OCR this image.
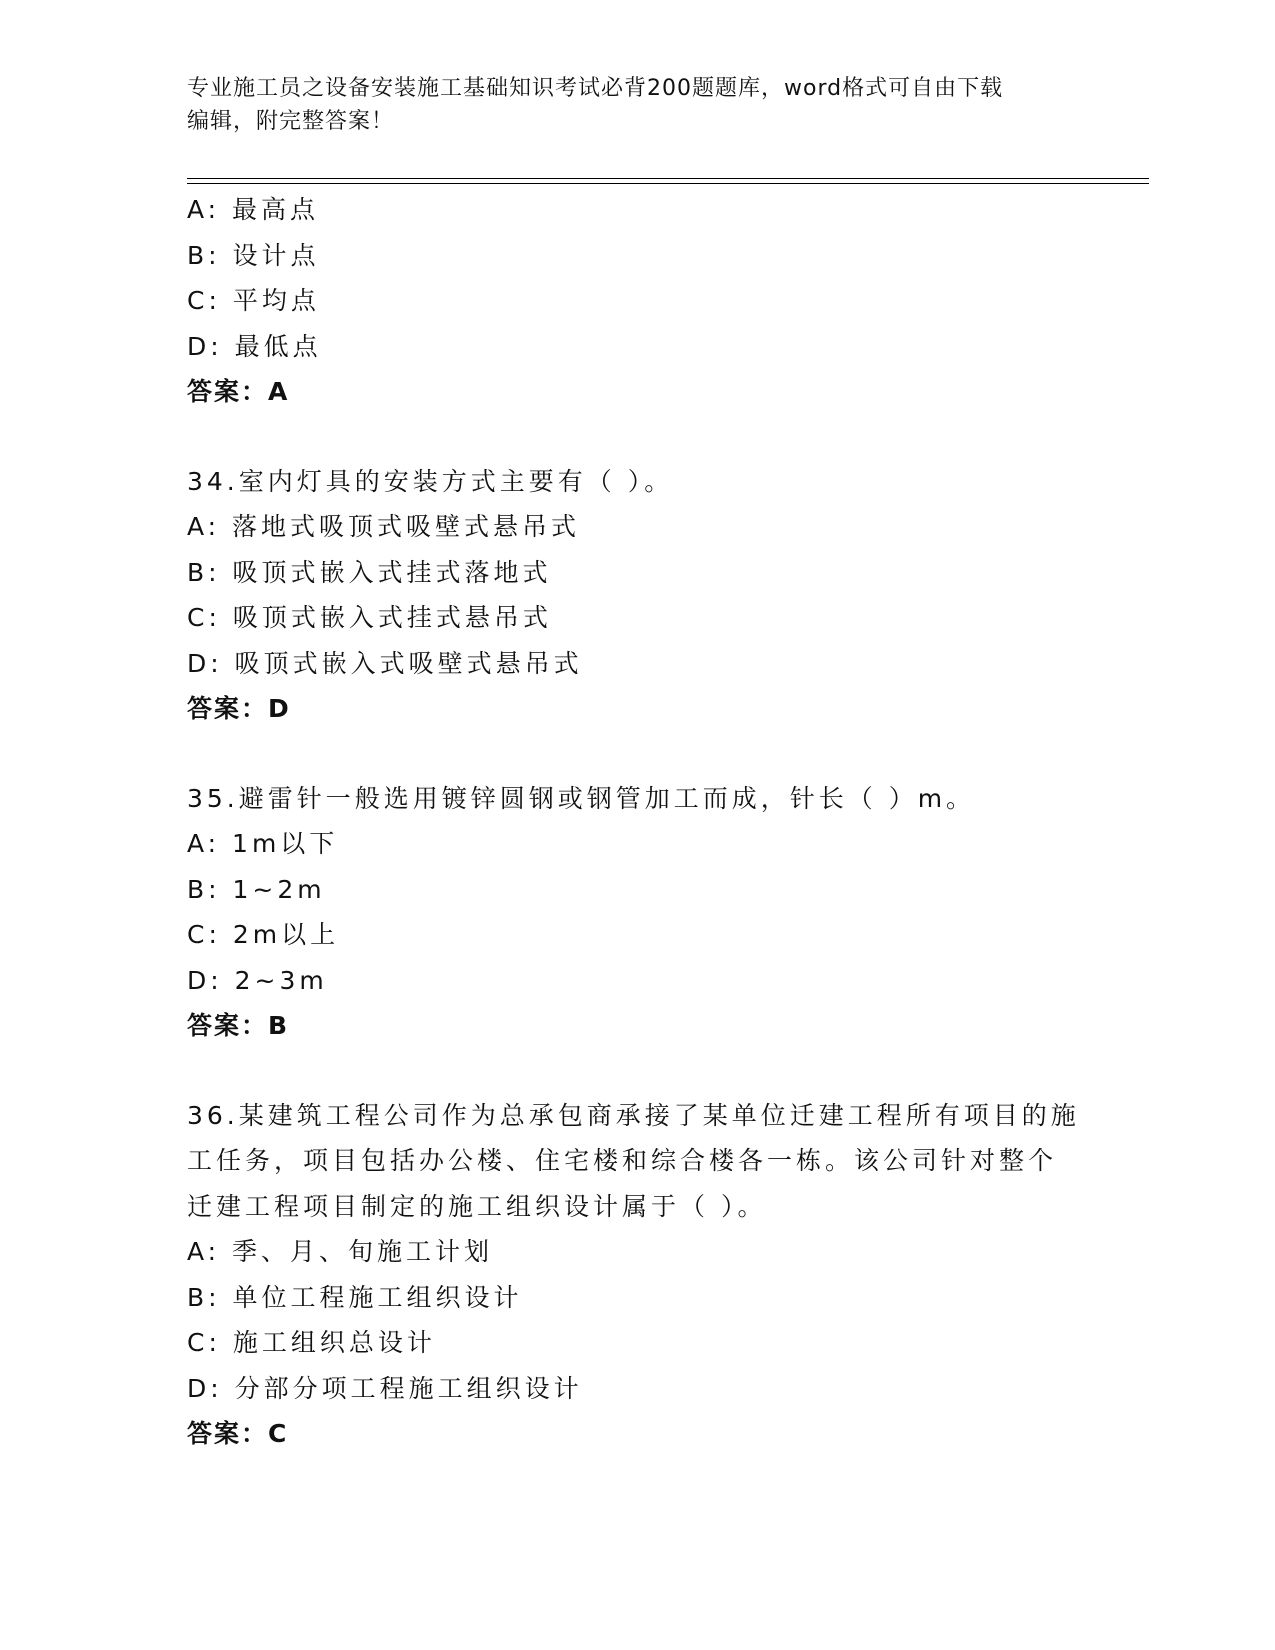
专业施工员之设备安装施工基础知识考试必背200题题库，word格式可自由下载
编辑，附完整答案！
A: 最高点
B: 设计点
C: 平均点
D: 最低点
答案：A
34.室内灯具的安装方式主要有（ ）。
A: 落地式吸顶式吸壁式悬吊式
B: 吸顶式嵌入式挂式落地式
C: 吸顶式嵌入式挂式悬吊式
D: 吸顶式嵌入式吸壁式悬吊式
答案：D
35.避雷针一般选用镀锌圆钢或钢管加工而成，针长（ ）m。
A: 1m以下
B: 1~2m
C: 2m以上
D: 2~3m
答案：B
36.某建筑工程公司作为总承包商承接了某单位迁建工程所有项目的施
工任务，项目包括办公楼、住宅楼和综合楼各一栋。该公司针对整个
迁建工程项目制定的施工组织设计属于（ ）。
A: 季、月、旬施工计划
B: 单位工程施工组织设计
C: 施工组织总设计
D: 分部分项工程施工组织设计
答案：C
